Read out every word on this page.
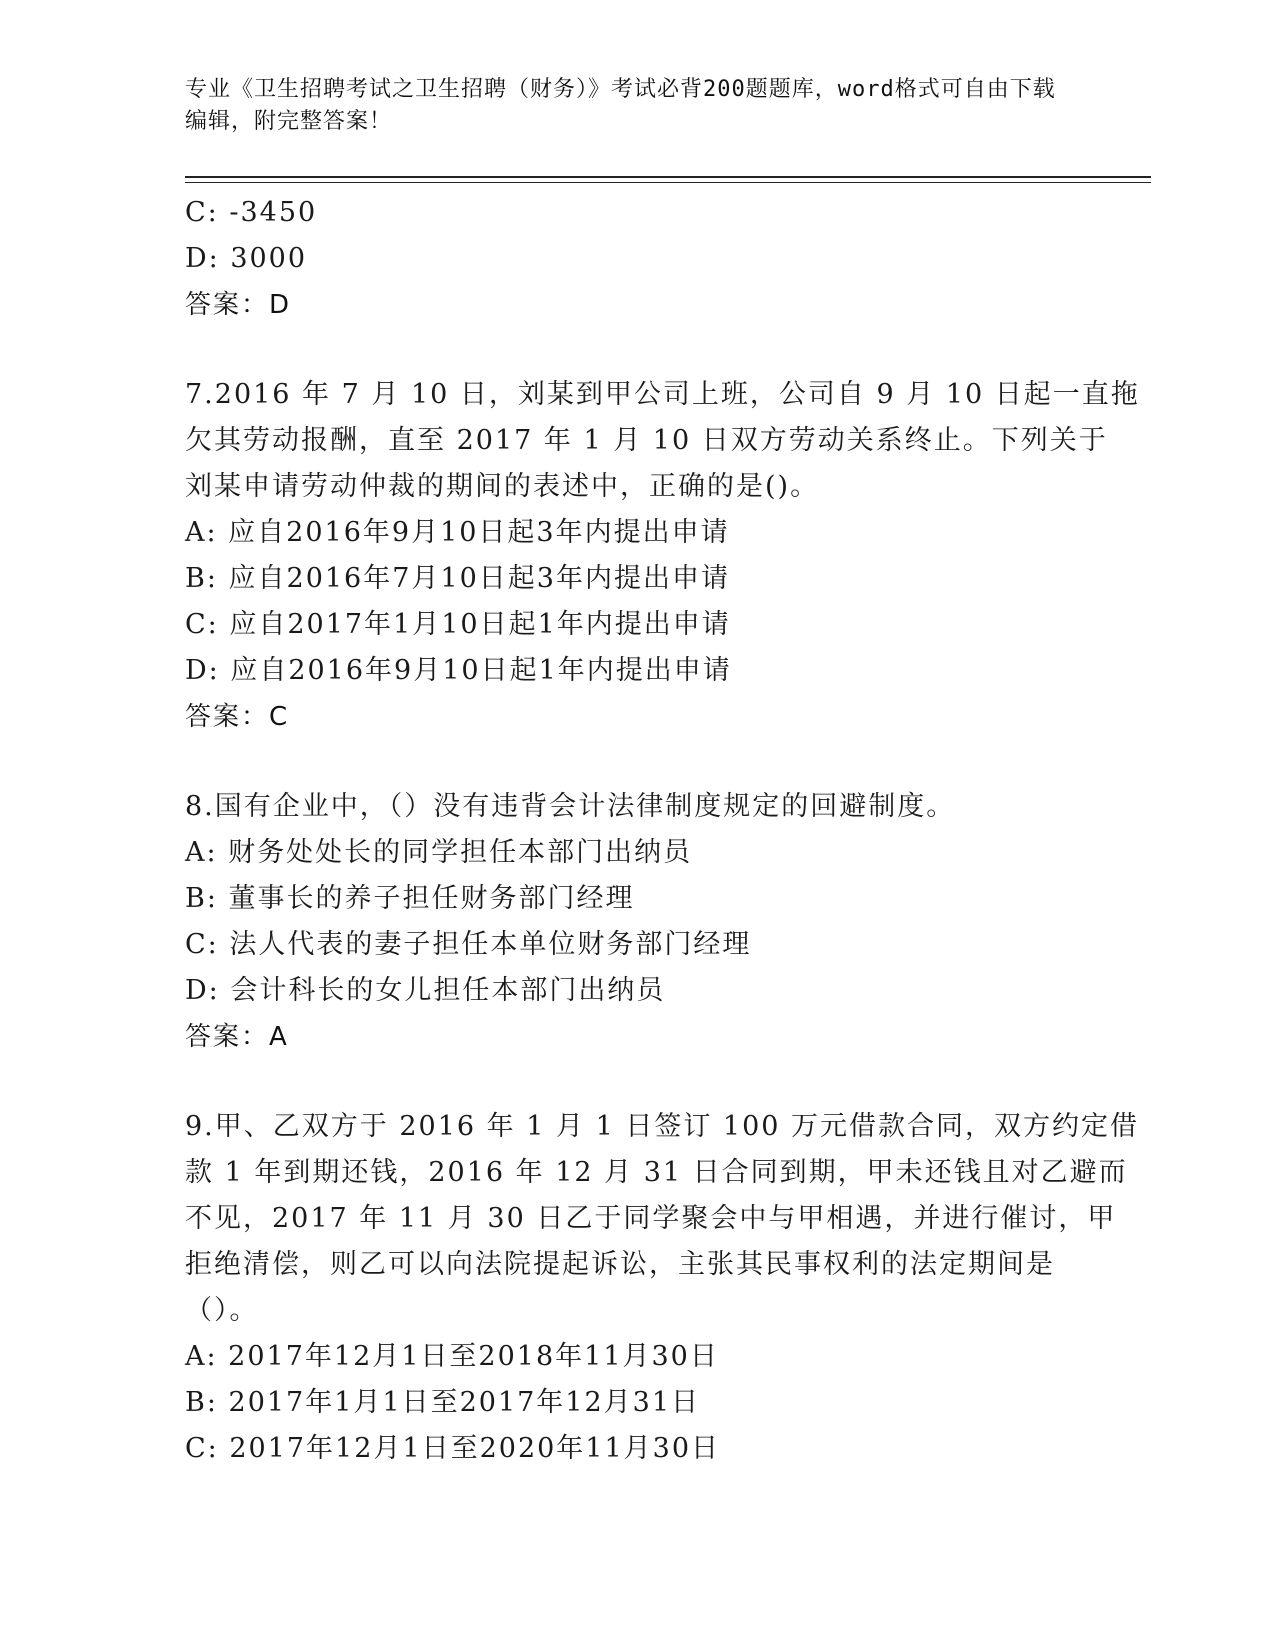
专业《卫生招聘考试之卫生招聘（财务）》考试必背200题题库，word格式可自由下载编辑，附完整答案！
C: -3450
D: 3000
答案：D
7.2016 年 7 月 10 日，刘某到甲公司上班，公司自 9 月 10 日起一直拖
欠其劳动报酬，直至 2017 年 1 月 10 日双方劳动关系终止。下列关于
刘某申请劳动仲裁的期间的表述中，正确的是()。
A: 应自2016年9月10日起3年内提出申请
B: 应自2016年7月10日起3年内提出申请
C: 应自2017年1月10日起1年内提出申请
D: 应自2016年9月10日起1年内提出申请
答案：C
8.国有企业中，（）没有违背会计法律制度规定的回避制度。
A: 财务处处长的同学担任本部门出纳员
B: 董事长的养子担任财务部门经理
C: 法人代表的妻子担任本单位财务部门经理
D: 会计科长的女儿担任本部门出纳员
答案：A
9.甲、乙双方于 2016 年 1 月 1 日签订 100 万元借款合同，双方约定借
款 1 年到期还钱，2016 年 12 月 31 日合同到期，甲未还钱且对乙避而
不见，2017 年 11 月 30 日乙于同学聚会中与甲相遇，并进行催讨，甲
拒绝清偿，则乙可以向法院提起诉讼，主张其民事权利的法定期间是
（）。
A: 2017年12月1日至2018年11月30日
B: 2017年1月1日至2017年12月31日
C: 2017年12月1日至2020年11月30日
